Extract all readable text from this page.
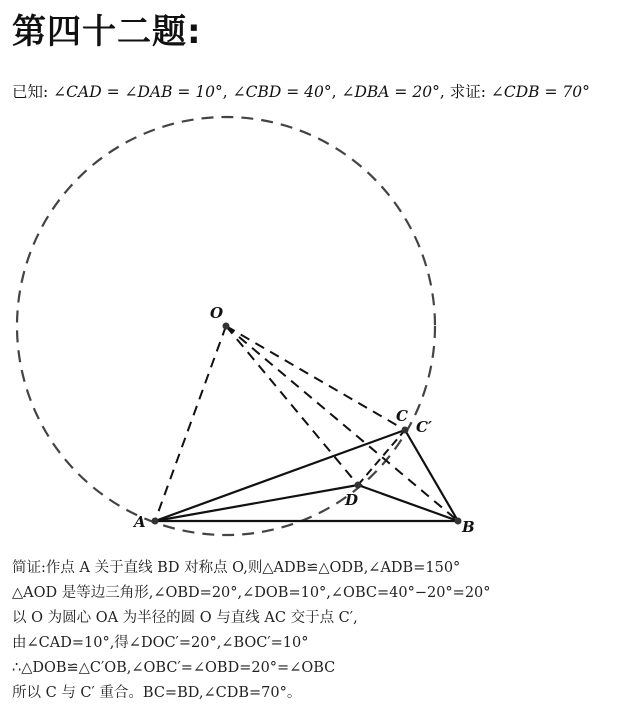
第四十二题:
已知: ∠CAD = ∠DAB = 10°, ∠CBD = 40°, ∠DBA = 20°, 求证: ∠CDB = 70°
O
A	B
C
C′
D

简证:作点 A 关于直线 BD 对称点 O,则△ADB≌△ODB,∠ADB=150°

△AOD 是等边三角形,∠OBD=20°,∠DOB=10°,∠OBC=40°−20°=20°

以 O 为圆心 OA 为半径的圆 O 与直线 AC 交于点 C′,

由∠CAD=10°,得∠DOC′=20°,∠BOC′=10°

∴△DOB≌△C′OB,∠OBC′=∠OBD=20°=∠OBC

所以 C 与 C′ 重合。BC=BD,∠CDB=70°。
